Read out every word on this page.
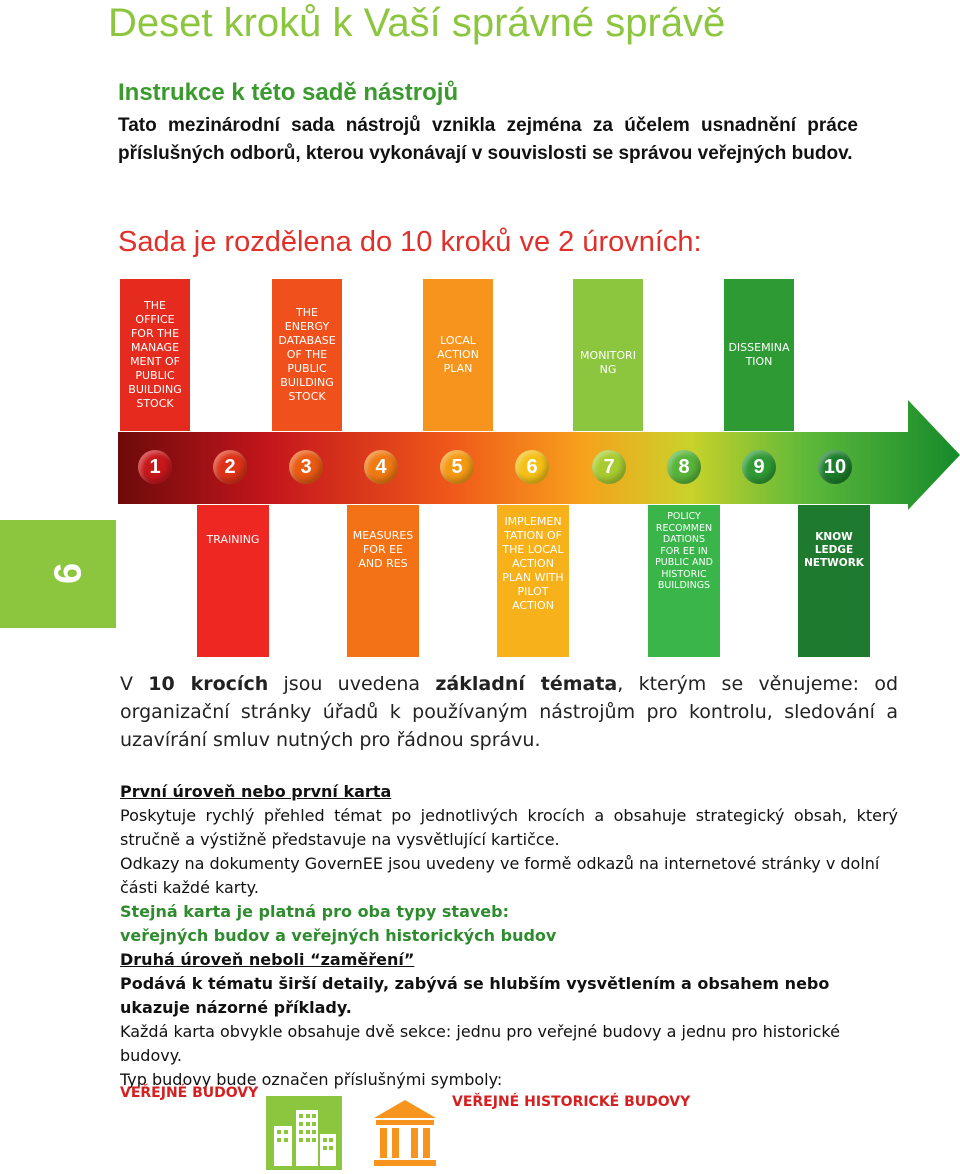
Deset kroků k Vaší správné správě
Instrukce k této sadě nástrojů
Tato mezinárodní sada nástrojů vznikla zejména za účelem usnadnění práce příslušných odborů, kterou vykonávají v souvislosti se správou veřejných budov.
Sada je rozdělena do 10 kroků ve 2 úrovních:
THE OFFICE FOR THE MANAGE MENT OF PUBLIC BUILDING STOCK
THE ENERGY DATABASE OF THE PUBLIC BUILDING STOCK
LOCAL ACTION PLAN
MONITORI NG
DISSEMINA TION
TRAINING	MEASURES FOR EE AND RES
IMPLEMEN TATION OF THE LOCAL ACTION PLAN WITH PILOT ACTION
POLICY RECOMMEN DATIONS FOR EE IN PUBLIC AND HISTORIC BUILDINGS
KNOW LEDGE NETWORK
1	2	3	4	5	6	7	8	9	10
9
V 10 krocích jsou uvedena základní témata, kterým se věnujeme: od organizační stránky úřadů k používaným nástrojům pro kontrolu, sledování a uzavírání smluv nutných pro řádnou správu.
První úroveň nebo první karta
Poskytuje rychlý přehled témat po jednotlivých krocích a obsahuje strategický obsah, který stručně a výstižně představuje na vysvětlující kartičce.
Odkazy na dokumenty GovernEE jsou uvedeny ve formě odkazů na internetové stránky v dolní části každé karty.
Stejná karta je platná pro oba typy staveb:
veřejných budov a veřejných historických budov
Druhá úroveň neboli “zaměření”
Podává k tématu širší detaily, zabývá se hlubším vysvětlením a obsahem nebo ukazuje názorné příklady.
Každá karta obvykle obsahuje dvě sekce: jednu pro veřejné budovy a jednu pro historické budovy.
Typ budovy bude označen příslušnými symboly:
VEŘEJNÉ BUDOVY
VEŘEJNÉ HISTORICKÉ BUDOVY
